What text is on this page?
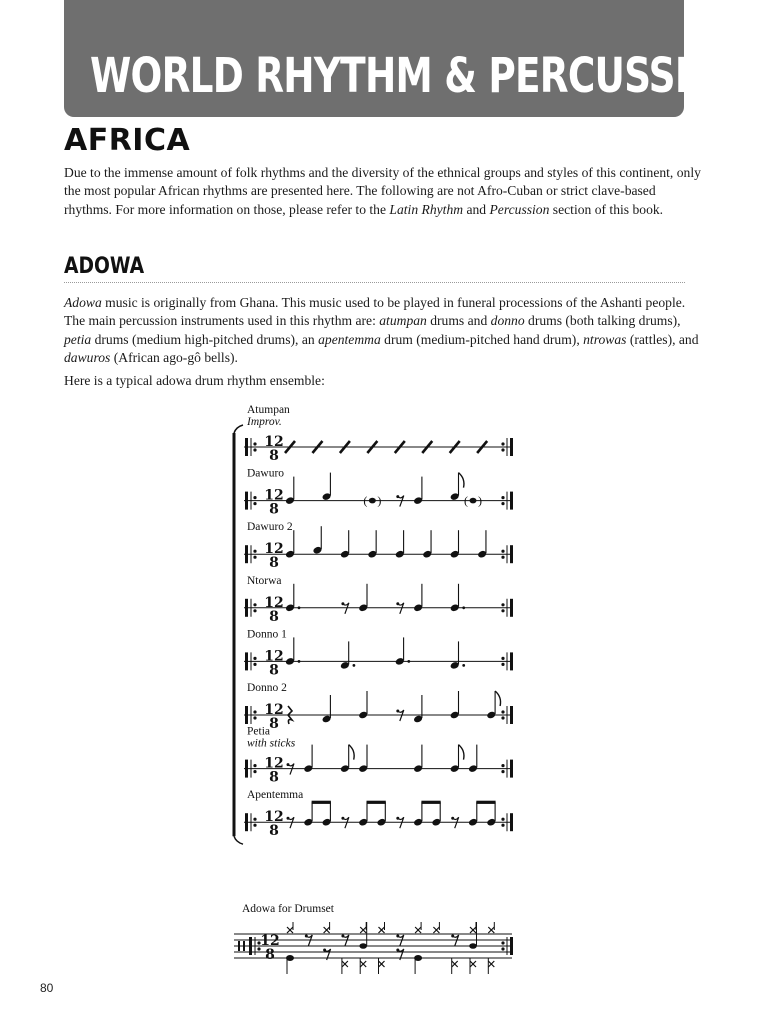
WORLD RHYTHM & PERCUSSION
AFRICA

Due to the immense amount of folk rhythms and the diversity of the ethnical groups and styles of this continent, only the most popular African rhythms are presented here. The following are not Afro-Cuban or strict clave-based rhythms. For more information on those, please refer to the Latin Rhythm and Percussion section of this book.

ADOWA

Adowa music is originally from Ghana. This music used to be played in funeral processions of the Ashanti people. The main percussion instruments used in this rhythm are: atumpan drums and donno drums (both talking drums), petia drums (medium high-pitched drums), an apentemma drum (medium-pitched hand drum), ntrowas (rattles), and dawuros (African ago-gô bells).

Here is a typical adowa drum rhythm ensemble:

Atumpan
Improv.
12
8
Dawuro
12
8
( )	( )
Dawuro 2
12
8
Ntorwa
12
8
Donno 1
12
8
Donno 2
12
8
Petia
with sticks
12
8
Apentemma
12
8
Adowa for Drumset
12
8

80
